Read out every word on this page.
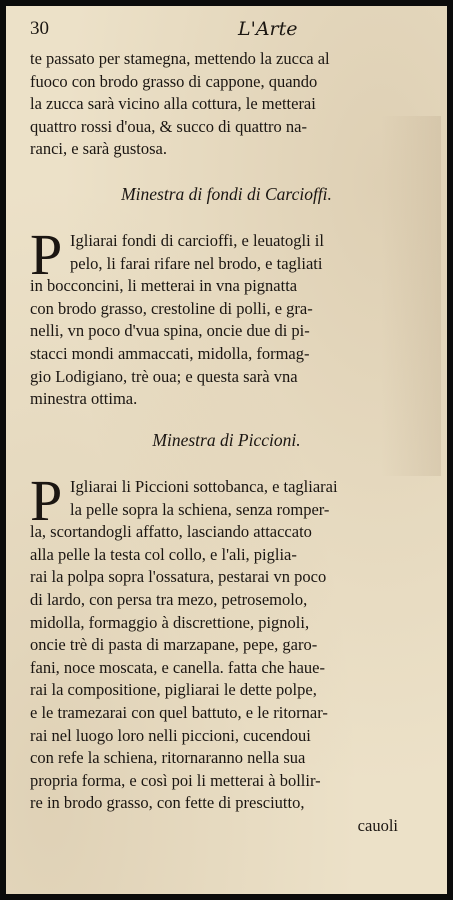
30	L'Arte
te passato per stamegna, mettendo la zucca al
fuoco con brodo grasso di cappone, quando
la zucca sarà vicino alla cottura, le metterai
quattro rossi d'oua, & succo di quattro na-
ranci, e sarà gustosa.
Minestra di fondi di Carcioffi.
P Igliarai fondi di carcioffi, e leuatogli il
pelo, li farai rifare nel brodo, e tagliati
in bocconcini, li metterai in vna pignatta
con brodo grasso, crestoline di polli, e gra-
nelli, vn poco d'vua spina, oncie due di pi-
stacci mondi ammaccati, midolla, formag-
gio Lodigiano, trè oua; e questa sarà vna
minestra ottima.
Minestra di Piccioni.
P Igliarai li Piccioni sottobanca, e tagliarai
la pelle sopra la schiena, senza romper-
la, scortandogli affatto, lasciando attaccato
alla pelle la testa col collo, e l'ali, piglia-
rai la polpa sopra l'ossatura, pestarai vn poco
di lardo, con persa tra mezo, petrosemolo,
midolla, formaggio à discrettione, pignoli,
oncie trè di pasta di marzapane, pepe, garo-
fani, noce moscata, e canella. fatta che haue-
rai la compositione, pigliarai le dette polpe,
e le tramezarai con quel battuto, e le ritornar-
rai nel luogo loro nelli piccioni, cucendoui
con refe la schiena, ritornaranno nella sua
propria forma, e così poi li metterai à bollir-
re in brodo grasso, con fette di presciutto,
cauoli
